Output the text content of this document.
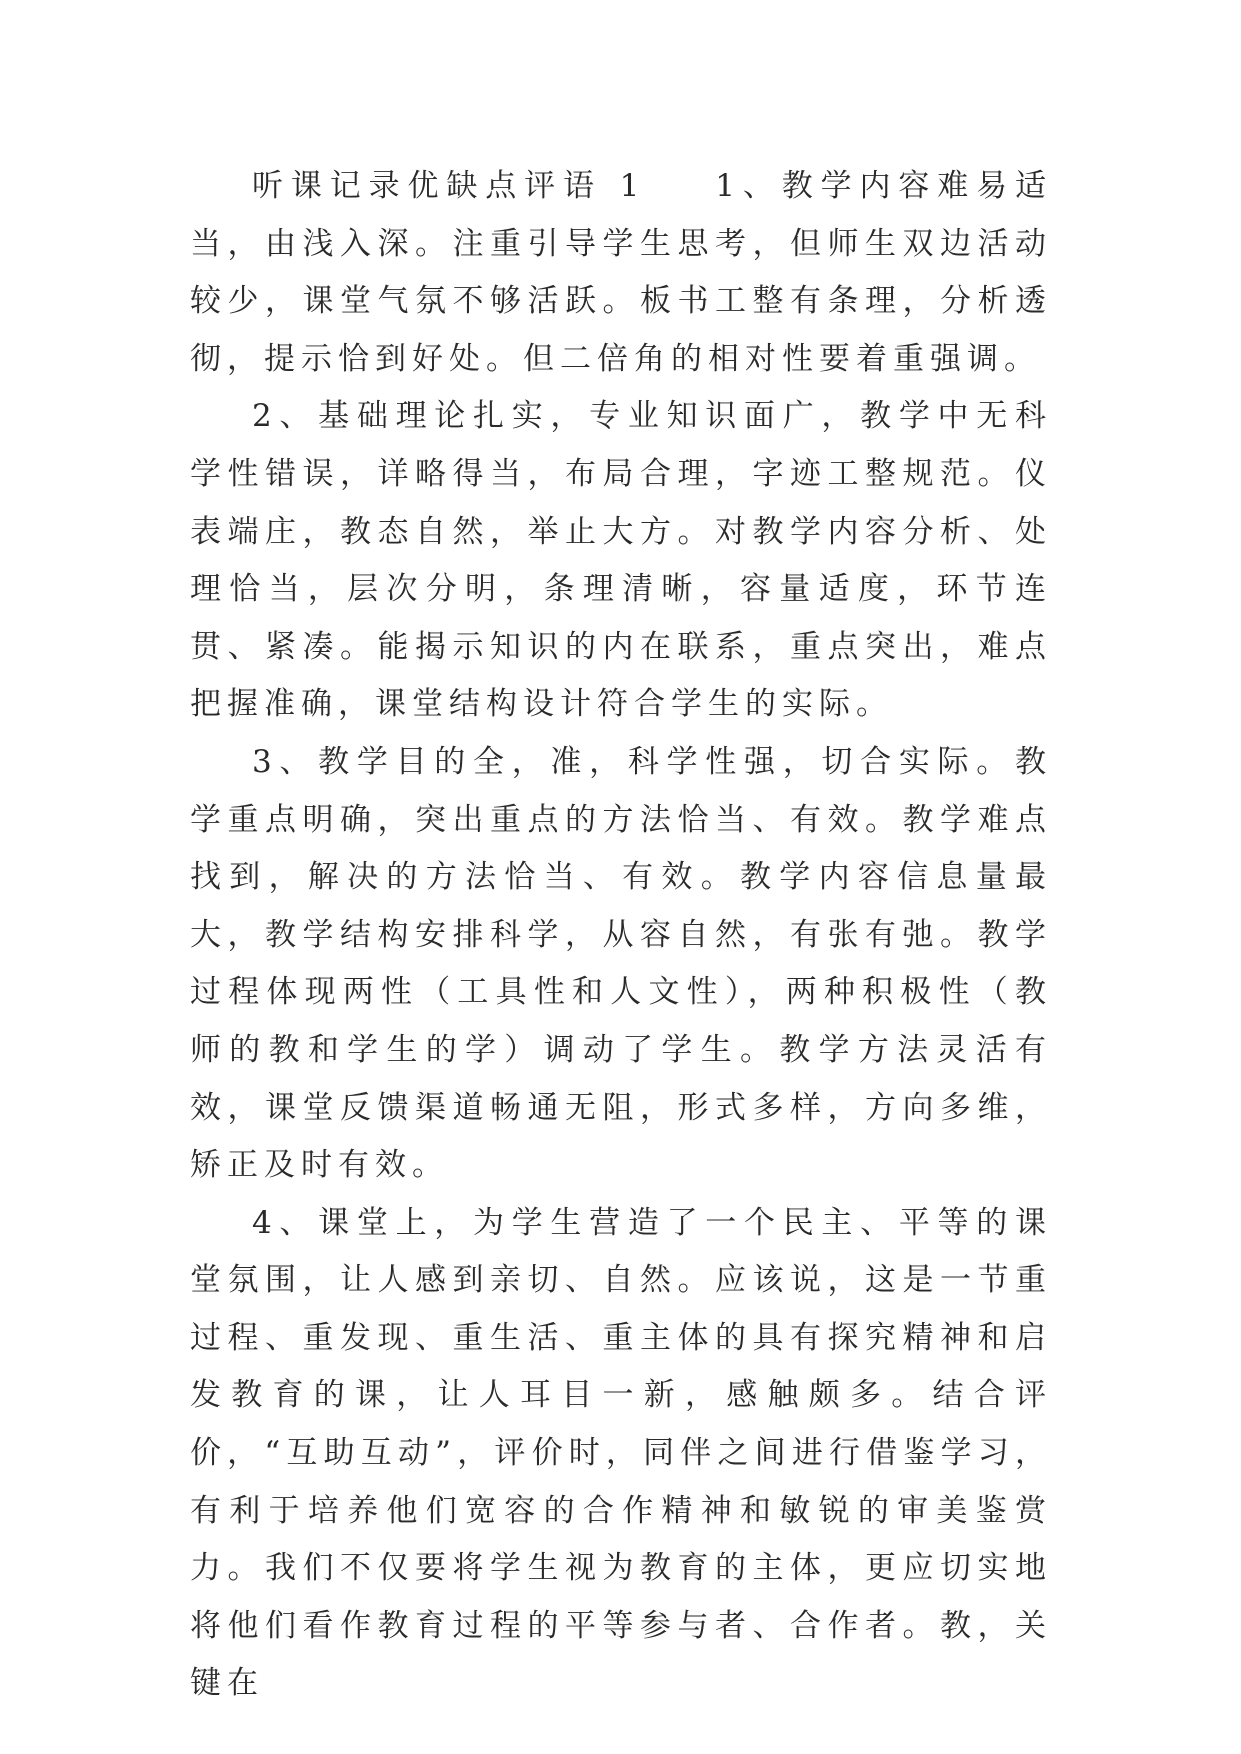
听课记录优缺点评语 1 1、教学内容难易适当，由浅入深。注重引导学生思考，但师生双边活动较少，课堂气氛不够活跃。板书工整有条理，分析透彻，提示恰到好处。但二倍角的相对性要着重强调。

2、基础理论扎实，专业知识面广，教学中无科学性错误，详略得当，布局合理，字迹工整规范。仪表端庄，教态自然，举止大方。对教学内容分析、处理恰当，层次分明，条理清晰，容量适度，环节连贯、紧凑。能揭示知识的内在联系，重点突出，难点把握准确，课堂结构设计符合学生的实际。

3、教学目的全，准，科学性强，切合实际。教学重点明确，突出重点的方法恰当、有效。教学难点找到，解决的方法恰当、有效。教学内容信息量最大，教学结构安排科学，从容自然，有张有弛。教学过程体现两性（工具性和人文性），两种积极性（教师的教和学生的学）调动了学生。教学方法灵活有效，课堂反馈渠道畅通无阻，形式多样，方向多维，矫正及时有效。

4、课堂上，为学生营造了一个民主、平等的课堂氛围，让人感到亲切、自然。应该说，这是一节重过程、重发现、重生活、重主体的具有探究精神和启发教育的课，让人耳目一新，感触颇多。结合评价，“互助互动”，评价时，同伴之间进行借鉴学习，有利于培养他们宽容的合作精神和敏锐的审美鉴赏力。我们不仅要将学生视为教育的主体，更应切实地将他们看作教育过程的平等参与者、合作者。教，关键在
